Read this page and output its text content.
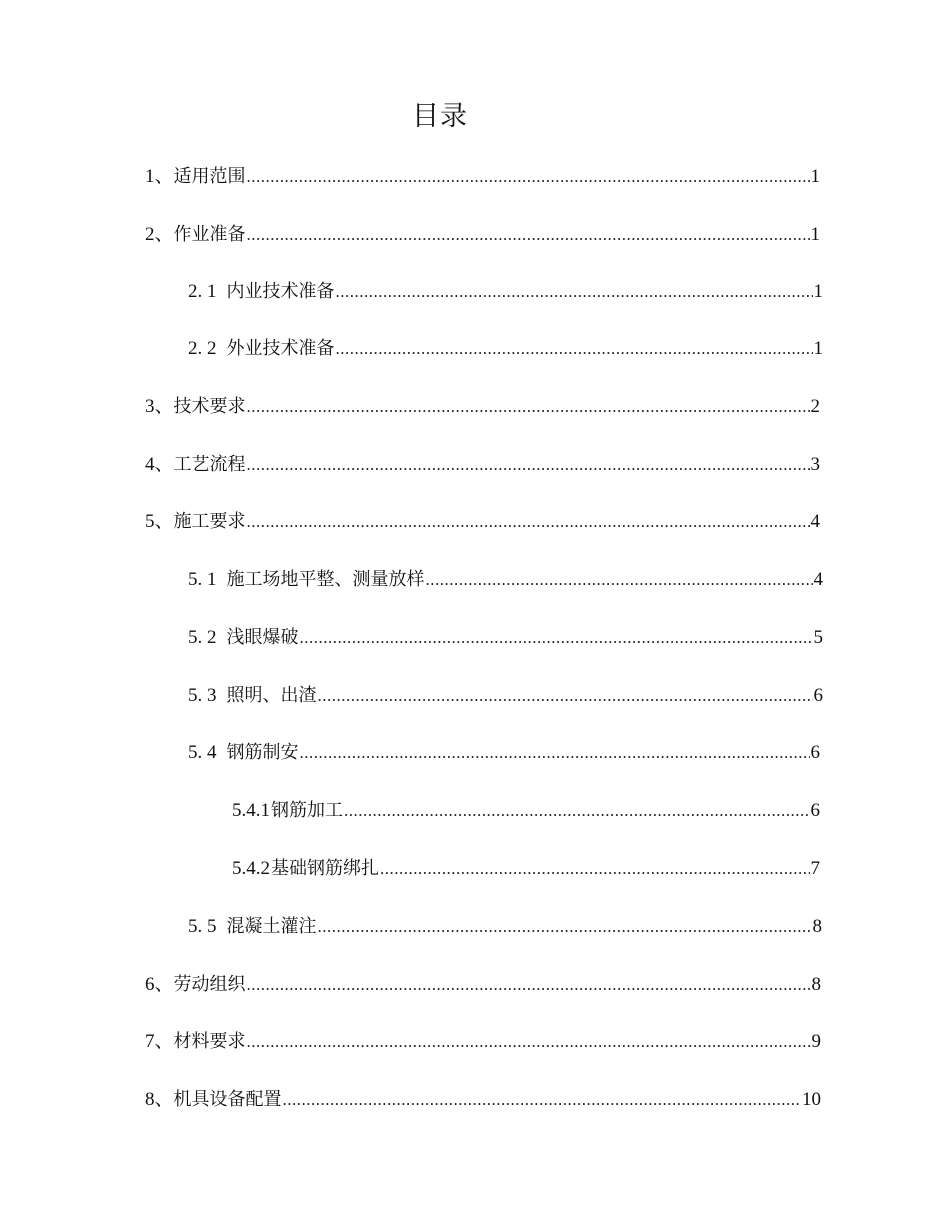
目录
1、 适用范围 .....	1
2、 作业准备 .....	1
2. 1 内业技术准备 .....	1
2. 2 外业技术准备 .....	1
3、 技术要求 .....	2
4、 工艺流程 .....	3
5、 施工要求 .....	4
5. 1 施工场地平整、测量放样 .....	4
5. 2 浅眼爆破 .....	5
5. 3 照明、出渣 .....	6
5. 4 钢筋制安 .....	6
5.4.1 钢筋加工 .....	6
5.4.2 基础钢筋绑扎 .....	7
5. 5 混凝土灌注 .....	8
6、 劳动组织 .....	8
7、 材料要求 .....	9
8、 机具设备配置 .....	10
